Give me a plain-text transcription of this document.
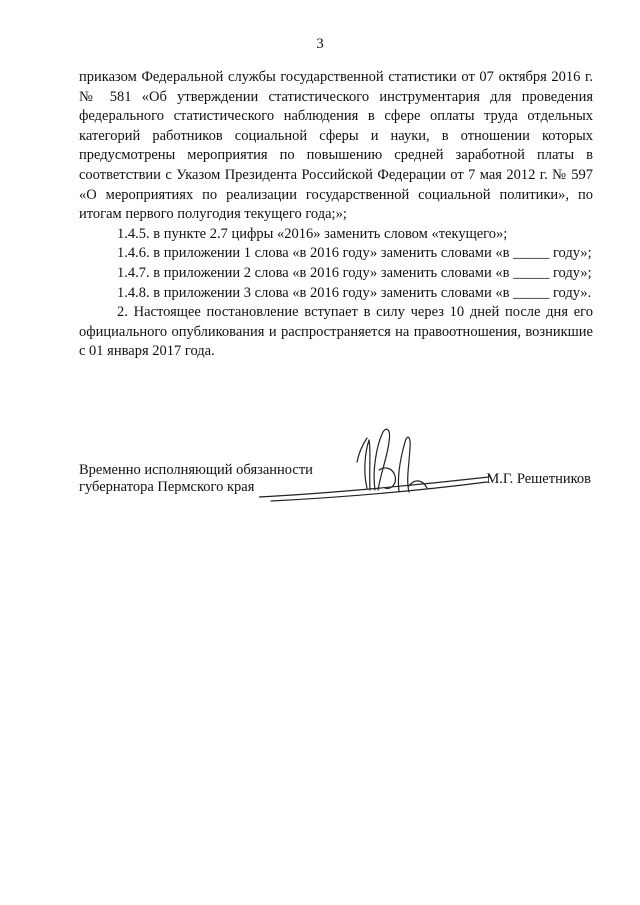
3

приказом Федеральной службы государственной статистики от 07 октября 2016 г. № 581 «Об утверждении статистического инструментария для проведения федерального статистического наблюдения в сфере оплаты труда отдельных категорий работников социальной сферы и науки, в отношении которых предусмотрены мероприятия по повышению средней заработной платы в соответствии с Указом Президента Российской Федерации от 7 мая 2012 г. № 597 «О мероприятиях по реализации государственной социальной политики», по итогам первого полугодия текущего года;»;

1.4.5. в пункте 2.7 цифры «2016» заменить словом «текущего»;

1.4.6. в приложении 1 слова «в 2016 году» заменить словами «в _____ году»;

1.4.7. в приложении 2 слова «в 2016 году» заменить словами «в _____ году»;

1.4.8. в приложении 3 слова «в 2016 году» заменить словами «в _____ году».

2. Настоящее постановление вступает в силу через 10 дней после дня его официального опубликования и распространяется на правоотношения, возникшие с 01 января 2017 года.

Временно исполняющий обязанности

губернатора Пермского края	М.Г. Решетников
